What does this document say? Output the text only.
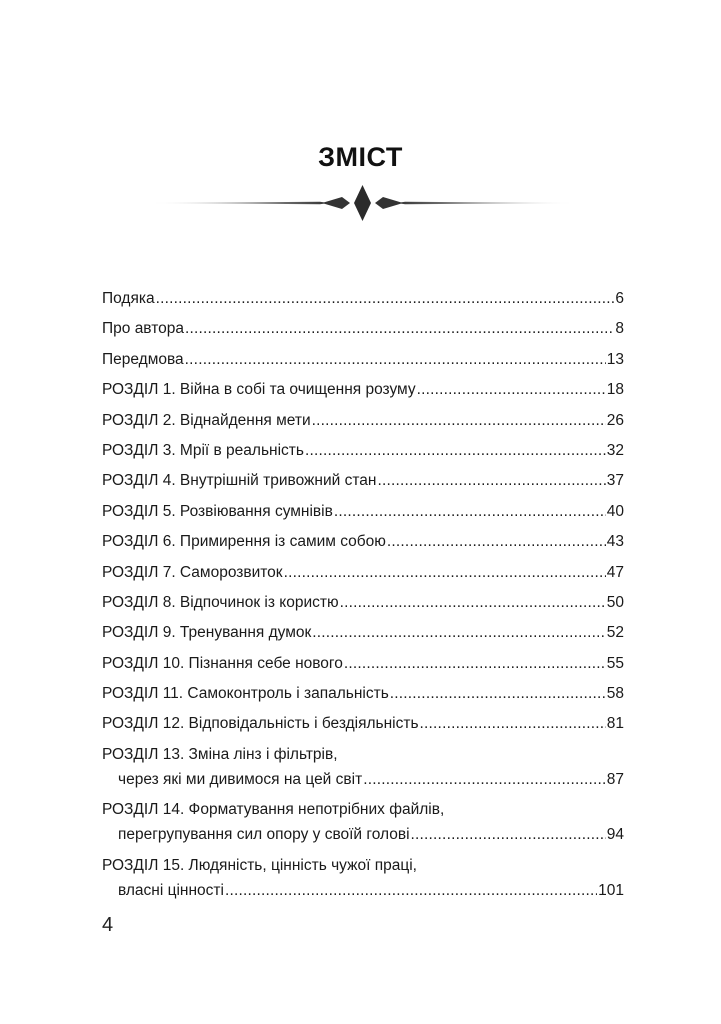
ЗМІСТ
Подяка .....	6
Про автора .....	8
Передмова .....	13
РОЗДІЛ 1. Війна в собі та очищення розуму .....	18
РОЗДІЛ 2. Віднайдення мети .....	26
РОЗДІЛ 3. Мрії в реальність .....	32
РОЗДІЛ 4. Внутрішній тривожний стан .....	37
РОЗДІЛ 5. Розвіювання сумнівів .....	40
РОЗДІЛ 6. Примирення із самим собою .....	43
РОЗДІЛ 7. Саморозвиток .....	47
РОЗДІЛ 8. Відпочинок із користю .....	50
РОЗДІЛ 9. Тренування думок .....	52
РОЗДІЛ 10. Пізнання себе нового .....	55
РОЗДІЛ 11. Самоконтроль і запальність .....	58
РОЗДІЛ 12. Відповідальність і бездіяльність .....	81
РОЗДІЛ 13. Зміна лінз і фільтрів,
через які ми дивимося на цей світ .....	87
РОЗДІЛ 14. Форматування непотрібних файлів,
перегрупування сил опору у своїй голові .....	94
РОЗДІЛ 15. Людяність, цінність чужої праці,
власні цінності .....	101
4
